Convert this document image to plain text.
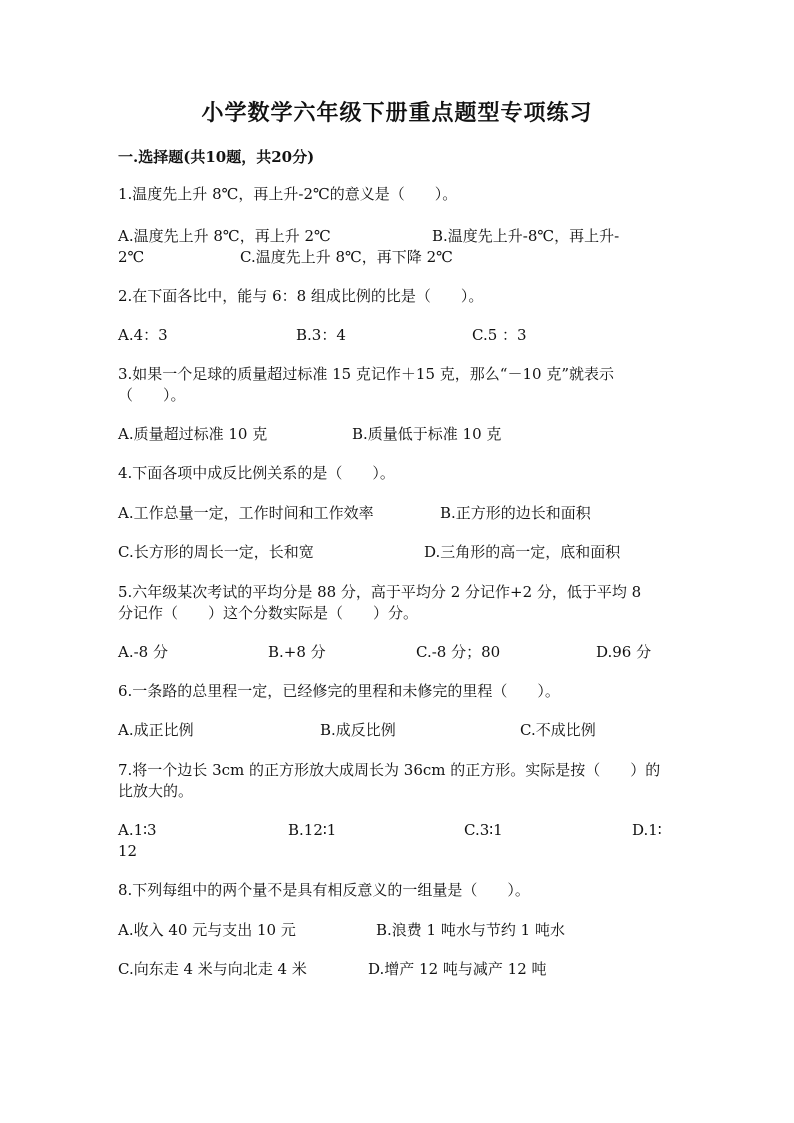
小学数学六年级下册重点题型专项练习
一.选择题(共10题，共20分)
1.温度先上升 8℃，再上升-2℃的意义是（　　）。
A.温度先上升 8℃，再上升 2℃	B.温度先上升-8℃，再上升-
2℃	C.温度先上升 8℃，再下降 2℃
2.在下面各比中，能与 6：8 组成比例的比是（　　）。
A.4：3	B.3：4	C.5 ：3
3.如果一个足球的质量超过标准 15 克记作＋15 克，那么“－10 克”就表示
（　　）。
A.质量超过标准 10 克	B.质量低于标准 10 克
4.下面各项中成反比例关系的是（　　）。
A.工作总量一定，工作时间和工作效率	B.正方形的边长和面积
C.长方形的周长一定，长和宽	D.三角形的高一定，底和面积
5.六年级某次考试的平均分是 88 分，高于平均分 2 分记作+2 分，低于平均 8
分记作（　　）这个分数实际是（　　）分。
A.-8 分	B.+8 分	C.-8 分；80	D.96 分
6.一条路的总里程一定，已经修完的里程和未修完的里程（　　）。
A.成正比例	B.成反比例	C.不成比例
7.将一个边长 3cm 的正方形放大成周长为 36cm 的正方形。实际是按（　　）的
比放大的。
A.1∶3	B.12∶1	C.3∶1	D.1∶
12
8.下列每组中的两个量不是具有相反意义的一组量是（　　）。
A.收入 40 元与支出 10 元	B.浪费 1 吨水与节约 1 吨水
C.向东走 4 米与向北走 4 米	D.增产 12 吨与减产 12 吨
